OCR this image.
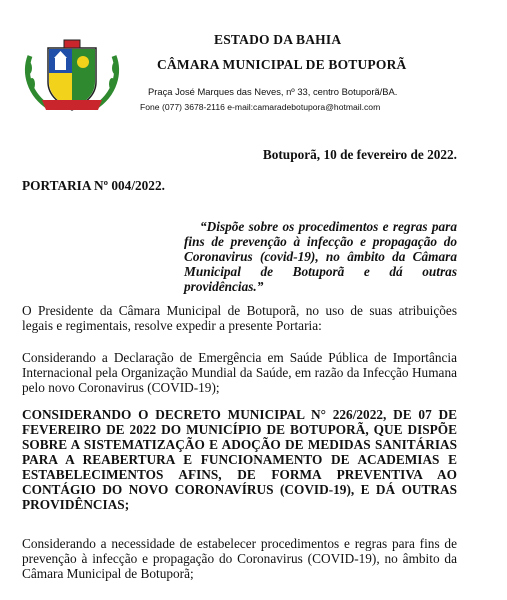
ESTADO DA BAHIA
CÂMARA MUNICIPAL DE BOTUPORÃ
Praça José Marques das Neves, nº 33, centro Botuporã/BA.
Fone (077) 3678-2116 e-mail:camaradebotupora@hotmail.com
Botuporã, 10 de fevereiro de 2022.
PORTARIA Nº 004/2022.
“Dispõe sobre os procedimentos e regras para fins de prevenção à infecção e propagação do Coronavirus (covid-19), no âmbito da Câmara Municipal de Botuporã e dá outras providências.”
O Presidente da Câmara Municipal de Botuporã, no uso de suas atribuições legais e regimentais, resolve expedir a presente Portaria:
Considerando a Declaração de Emergência em Saúde Pública de Importância Internacional pela Organização Mundial da Saúde, em razão da Infecção Humana pelo novo Coronavirus (COVID-19);
CONSIDERANDO O DECRETO MUNICIPAL N° 226/2022, DE 07 DE FEVEREIRO DE 2022 DO MUNICÍPIO DE BOTUPORÃ, QUE DISPÕE SOBRE A SISTEMATIZAÇÃO E ADOÇÃO DE MEDIDAS SANITÁRIAS PARA A REABERTURA E FUNCIONAMENTO DE ACADEMIAS E ESTABELECIMENTOS AFINS, DE FORMA PREVENTIVA AO CONTÁGIO DO NOVO CORONAVÍRUS (COVID-19), E DÁ OUTRAS PROVIDÊNCIAS;
Considerando a necessidade de estabelecer procedimentos e regras para fins de prevenção à infecção e propagação do Coronavirus (COVID-19), no âmbito da Câmara Municipal de Botuporã;
